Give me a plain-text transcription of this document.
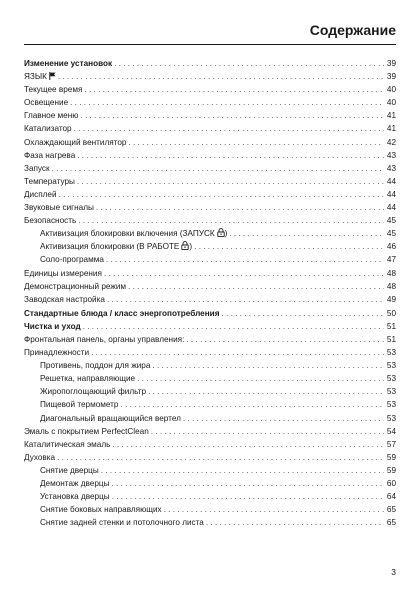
Содержание
Изменение установок . . .	39
ЯЗЫК . . .	39
Текущее время . . .	40
Освещение . . .	40
Главное меню . . .	41
Катализатор . . .	41
Охлаждающий вентилятор . . .	42
Фаза нагрева . . .	43
Запуск . . .	43
Температуры . . .	44
Дисплей . . .	44
Звуковые сигналы . . .	44
Безопасность . . .	45
Активизация блокировки включения (ЗАПУСК ) . . .	45
Активизация блокировки (В РАБОТЕ ) . . .	46
Соло-программа . . .	47
Единицы измерения . . .	48
Демонстрационный режим . . .	48
Заводская настройка . . .	49
Стандартные блюда / класс энергопотребления . . .	50
Чистка и уход . . .	51
Фронтальная панель, органы управления: . . .	51
Принадлежности . . .	53
Противень, поддон для жира . . .	53
Решетка, направляющие . . .	53
Жиропоглощающий фильтр . . .	53
Пищевой термометр . . .	53
Диагональный вращающийся вертел . . .	53
Эмаль с покрытием PerfectClean . . .	54
Каталитическая эмаль . . .	57
Духовка . . .	59
Снятие дверцы . . .	59
Демонтаж дверцы . . .	60
Установка дверцы . . .	64
Снятие боковых направляющих . . .	65
Снятие задней стенки и потолочного листа . . .	65
3
